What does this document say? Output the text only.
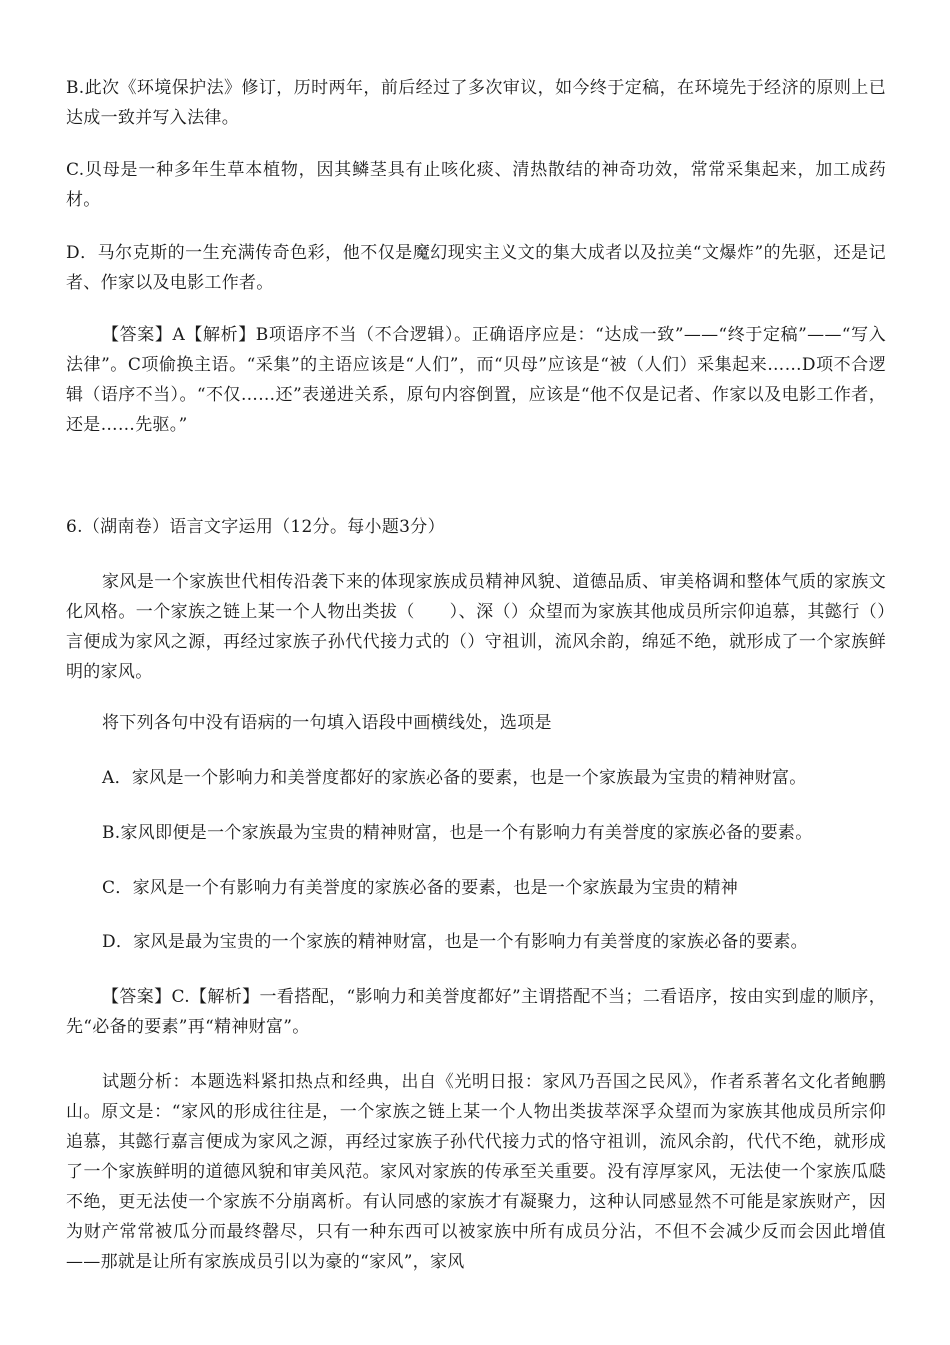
B.此次《环境保护法》修订，历时两年，前后经过了多次审议，如今终于定稿，在环境先于经济的原则上已达成一致并写入法律。

C.贝母是一种多年生草本植物，因其鳞茎具有止咳化痰、清热散结的神奇功效，常常采集起来，加工成药材。

D．马尔克斯的一生充满传奇色彩，他不仅是魔幻现实主义文的集大成者以及拉美“文爆炸”的先驱，还是记者、作家以及电影工作者。

【答案】A【解析】B项语序不当（不合逻辑）。正确语序应是：“达成一致”——“终于定稿”——“写入法律”。C项偷换主语。“采集”的主语应该是“人们”，而“贝母”应该是“被（人们）采集起来……D项不合逻辑（语序不当）。“不仅……还”表递进关系，原句内容倒置，应该是“他不仅是记者、作家以及电影工作者，还是……先驱。”

6.（湖南卷）语言文字运用（12分。每小题3分）

家风是一个家族世代相传沿袭下来的体现家族成员精神风貌、道德品质、审美格调和整体气质的家族文化风格。一个家族之链上某一个人物出类拔（　　）、深（）众望而为家族其他成员所宗仰追慕，其懿行（）言便成为家风之源，再经过家族子孙代代接力式的（）守祖训，流风余韵，绵延不绝，就形成了一个家族鲜明的家风。

将下列各句中没有语病的一句填入语段中画横线处，选项是

A．家风是一个影响力和美誉度都好的家族必备的要素，也是一个家族最为宝贵的精神财富。

B.家风即便是一个家族最为宝贵的精神财富，也是一个有影响力有美誉度的家族必备的要素。

C．家风是一个有影响力有美誉度的家族必备的要素，也是一个家族最为宝贵的精神

D．家风是最为宝贵的一个家族的精神财富，也是一个有影响力有美誉度的家族必备的要素。

【答案】C.【解析】一看搭配，“影响力和美誉度都好”主谓搭配不当；二看语序，按由实到虚的顺序，先“必备的要素”再“精神财富”。

试题分析：本题选料紧扣热点和经典，出自《光明日报：家风乃吾国之民风》，作者系著名文化者鲍鹏山。原文是：“家风的形成往往是，一个家族之链上某一个人物出类拔萃深孚众望而为家族其他成员所宗仰追慕，其懿行嘉言便成为家风之源，再经过家族子孙代代接力式的恪守祖训，流风余韵，代代不绝，就形成了一个家族鲜明的道德风貌和审美风范。家风对家族的传承至关重要。没有淳厚家风，无法使一个家族瓜瓞不绝，更无法使一个家族不分崩离析。有认同感的家族才有凝聚力，这种认同感显然不可能是家族财产，因为财产常常被瓜分而最终罄尽，只有一种东西可以被家族中所有成员分沾，不但不会减少反而会因此增值——那就是让所有家族成员引以为豪的“家风”，家风
